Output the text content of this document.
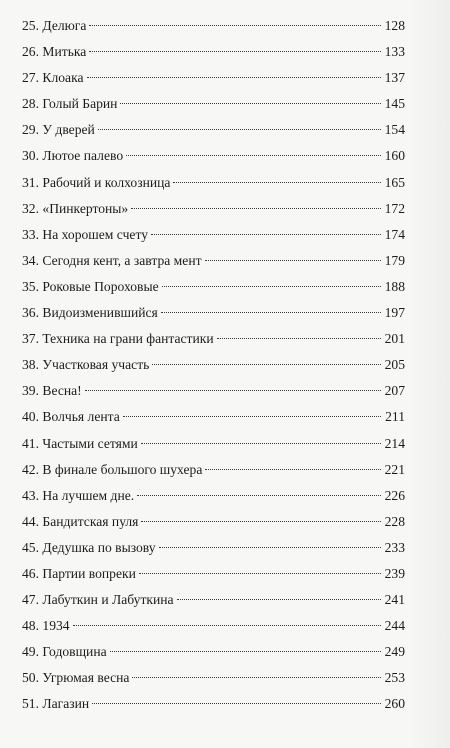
25. Делюга	128
26. Митька	133
27. Клоака	137
28. Голый Барин	145
29. У дверей	154
30. Лютое палево	160
31. Рабочий и колхозница	165
32. «Пинкертоны»	172
33. На хорошем счету	174
34. Сегодня кент, а завтра мент	179
35. Роковые Пороховые	188
36. Видоизменившийся	197
37. Техника на грани фантастики	201
38. Участковая участь	205
39. Весна!	207
40. Волчья лента	211
41. Частыми сетями	214
42. В финале большого шухера	221
43. На лучшем дне.	226
44. Бандитская пуля	228
45. Дедушка по вызову	233
46. Партии вопреки	239
47. Лабуткин и Лабуткина	241
48. 1934	244
49. Годовщина	249
50. Угрюмая весна	253
51. Лагазин	260
